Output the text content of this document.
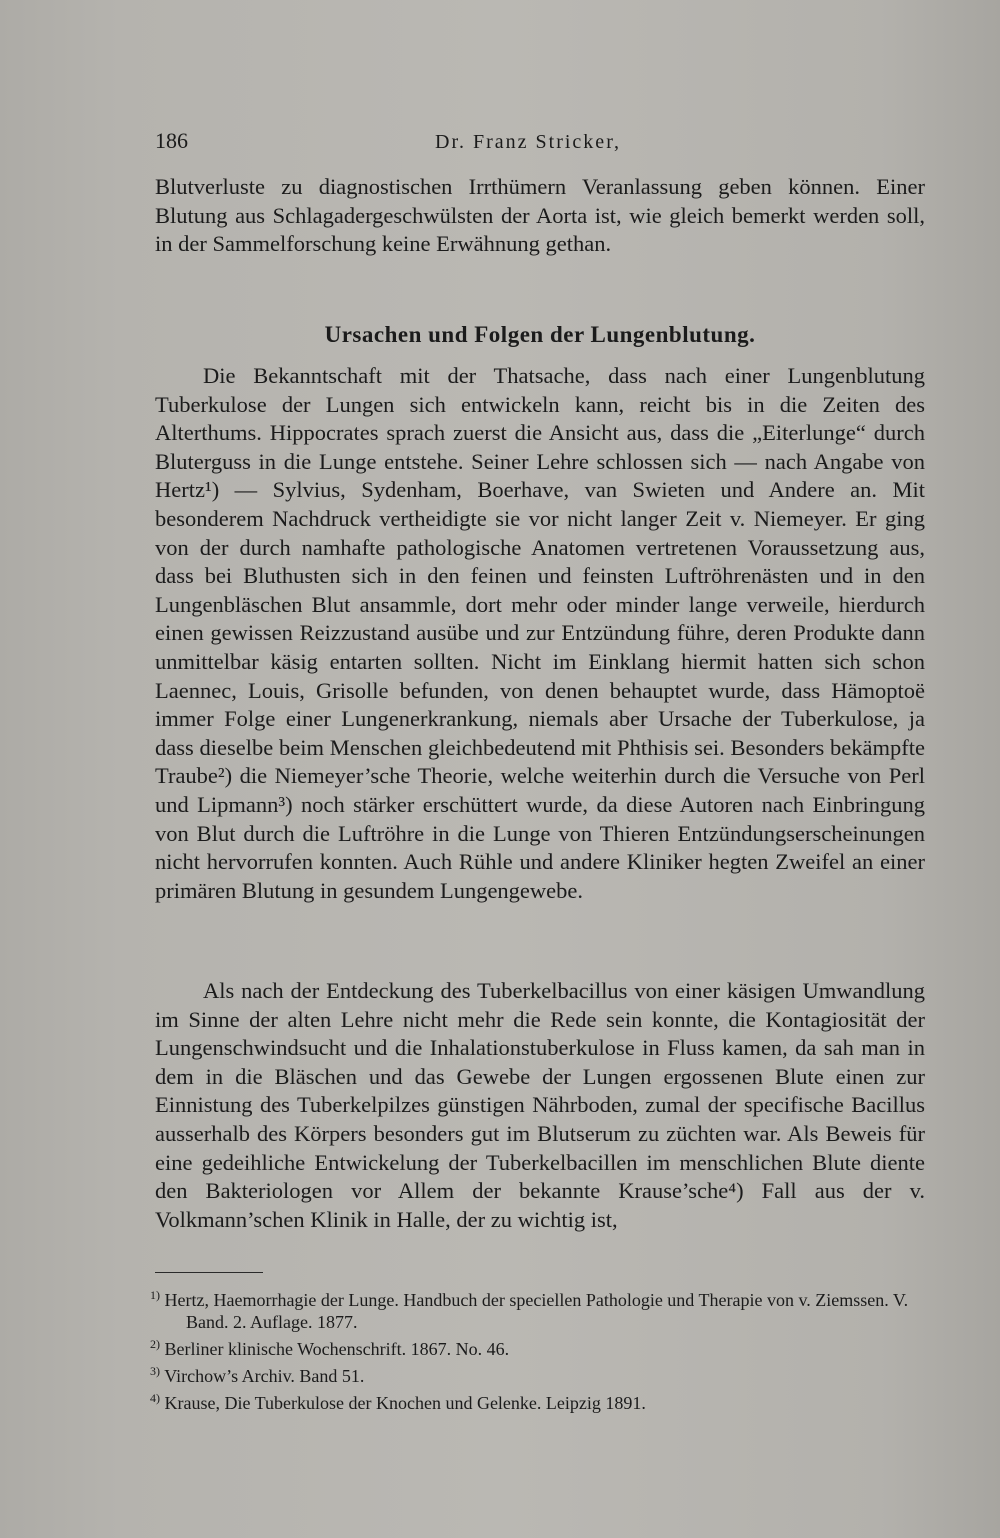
186	Dr. Franz Stricker,

Blutverluste zu diagnostischen Irrthümern Veranlassung geben können. Einer Blutung aus Schlagadergeschwülsten der Aorta ist, wie gleich bemerkt werden soll, in der Sammelforschung keine Erwähnung gethan.

Ursachen und Folgen der Lungenblutung.

Die Bekanntschaft mit der Thatsache, dass nach einer Lungenblutung Tuberkulose der Lungen sich entwickeln kann, reicht bis in die Zeiten des Alterthums. Hippocrates sprach zuerst die Ansicht aus, dass die „Eiterlunge“ durch Bluterguss in die Lunge entstehe. Seiner Lehre schlossen sich — nach Angabe von Hertz¹) — Sylvius, Sydenham, Boerhave, van Swieten und Andere an. Mit besonderem Nachdruck vertheidigte sie vor nicht langer Zeit v. Niemeyer. Er ging von der durch namhafte pathologische Anatomen vertretenen Voraussetzung aus, dass bei Bluthusten sich in den feinen und feinsten Luftröhrenästen und in den Lungenbläschen Blut ansammle, dort mehr oder minder lange verweile, hierdurch einen gewissen Reizzustand ausübe und zur Entzündung führe, deren Produkte dann unmittelbar käsig entarten sollten. Nicht im Einklang hiermit hatten sich schon Laennec, Louis, Grisolle befunden, von denen behauptet wurde, dass Hämoptoë immer Folge einer Lungenerkrankung, niemals aber Ursache der Tuberkulose, ja dass dieselbe beim Menschen gleichbedeutend mit Phthisis sei. Besonders bekämpfte Traube²) die Niemeyer’sche Theorie, welche weiterhin durch die Versuche von Perl und Lipmann³) noch stärker erschüttert wurde, da diese Autoren nach Einbringung von Blut durch die Luftröhre in die Lunge von Thieren Entzündungserscheinungen nicht hervorrufen konnten. Auch Rühle und andere Kliniker hegten Zweifel an einer primären Blutung in gesundem Lungengewebe.

Als nach der Entdeckung des Tuberkelbacillus von einer käsigen Umwandlung im Sinne der alten Lehre nicht mehr die Rede sein konnte, die Kontagiosität der Lungenschwindsucht und die Inhalationstuberkulose in Fluss kamen, da sah man in dem in die Bläschen und das Gewebe der Lungen ergossenen Blute einen zur Einnistung des Tuberkelpilzes günstigen Nährboden, zumal der specifische Bacillus ausserhalb des Körpers besonders gut im Blutserum zu züchten war. Als Beweis für eine gedeihliche Entwickelung der Tuberkelbacillen im menschlichen Blute diente den Bakteriologen vor Allem der bekannte Krause’sche⁴) Fall aus der v. Volkmann’schen Klinik in Halle, der zu wichtig ist,

$^{1)}$ Hertz, Haemorrhagie der Lunge. Handbuch der speciellen Pathologie und Therapie von v. Ziemssen. V. Band. 2. Auflage. 1877.

$^{2)}$ Berliner klinische Wochenschrift. 1867. No. 46.

$^{3)}$ Virchow’s Archiv. Band 51.

$^{4)}$ Krause, Die Tuberkulose der Knochen und Gelenke. Leipzig 1891.
